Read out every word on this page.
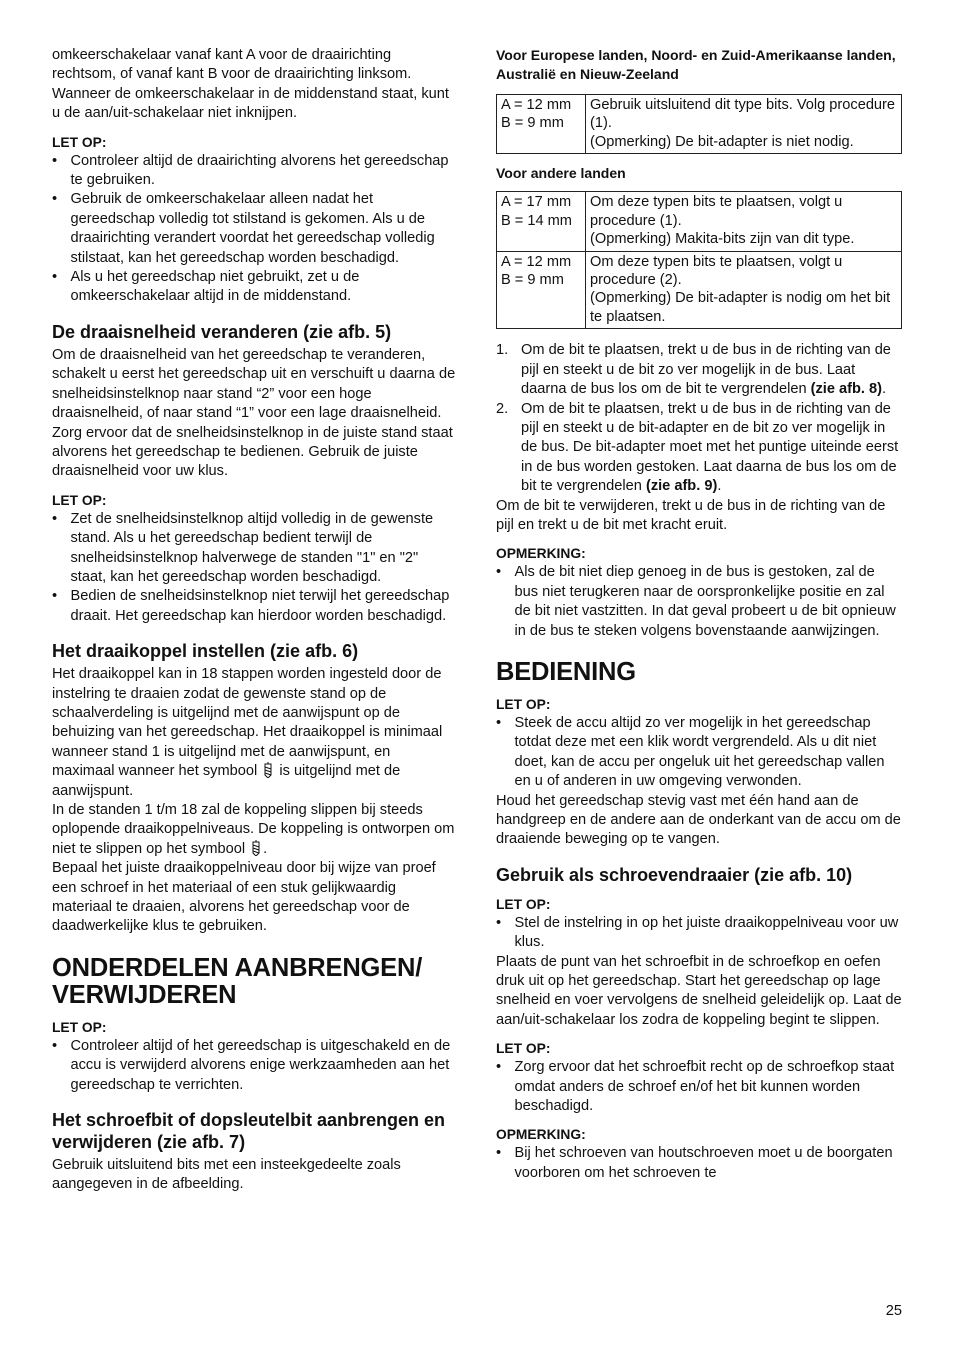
omkeerschakelaar vanaf kant A voor de draairichting rechtsom, of vanaf kant B voor de draairichting linksom. Wanneer de omkeerschakelaar in de middenstand staat, kunt u de aan/uit-schakelaar niet inknijpen.

LET OP:

• Controleer altijd de draairichting alvorens het gereedschap te gebruiken.
• Gebruik de omkeerschakelaar alleen nadat het gereedschap volledig tot stilstand is gekomen. Als u de draairichting verandert voordat het gereedschap volledig stilstaat, kan het gereedschap worden beschadigd.
• Als u het gereedschap niet gebruikt, zet u de omkeerschakelaar altijd in de middenstand.
De draaisnelheid veranderen (zie afb. 5)

Om de draaisnelheid van het gereedschap te veranderen, schakelt u eerst het gereedschap uit en verschuift u daarna de snelheidsinstelknop naar stand “2” voor een hoge draaisnelheid, of naar stand “1” voor een lage draaisnelheid. Zorg ervoor dat de snelheidsinstelknop in de juiste stand staat alvorens het gereedschap te bedienen. Gebruik de juiste draaisnelheid voor uw klus.

LET OP:

• Zet de snelheidsinstelknop altijd volledig in de gewenste stand. Als u het gereedschap bedient terwijl de snelheidsinstelknop halverwege de standen "1" en "2" staat, kan het gereedschap worden beschadigd.
• Bedien de snelheidsinstelknop niet terwijl het gereedschap draait. Het gereedschap kan hierdoor worden beschadigd.
Het draaikoppel instellen (zie afb. 6)

Het draaikoppel kan in 18 stappen worden ingesteld door de instelring te draaien zodat de gewenste stand op de schaalverdeling is uitgelijnd met de aanwijspunt op de behuizing van het gereedschap. Het draaikoppel is minimaal wanneer stand 1 is uitgelijnd met de aanwijspunt, en maximaal wanneer het symbool is uitgelijnd met de aanwijspunt.
In de standen 1 t/m 18 zal de koppeling slippen bij steeds oplopende draaikoppelniveaus. De koppeling is ontworpen om niet te slippen op het symbool .
Bepaal het juiste draaikoppelniveau door bij wijze van proef een schroef in het materiaal of een stuk gelijkwaardig materiaal te draaien, alvorens het gereedschap voor de daadwerkelijke klus te gebruiken.

ONDERDELEN AANBRENGEN/
VERWIJDEREN

LET OP:

• Controleer altijd of het gereedschap is uitgeschakeld en de accu is verwijderd alvorens enige werkzaamheden aan het gereedschap te verrichten.
Het schroefbit of dopsleutelbit aanbrengen en verwijderen (zie afb. 7)

Gebruik uitsluitend bits met een insteekgedeelte zoals aangegeven in de afbeelding.

Voor Europese landen, Noord- en Zuid-Amerikaanse landen, Australië en Nieuw-Zeeland

A = 12 mm
B = 9 mm	Gebruik uitsluitend dit type bits. Volg procedure (1).
(Opmerking) De bit-adapter is niet nodig.

Voor andere landen

A = 17 mm
B = 14 mm	Om deze typen bits te plaatsen, volgt u procedure (1).
(Opmerking) Makita-bits zijn van dit type.
A = 12 mm
B = 9 mm	Om deze typen bits te plaatsen, volgt u procedure (2).
(Opmerking) De bit-adapter is nodig om het bit te plaatsen.
1. Om de bit te plaatsen, trekt u de bus in de richting van de pijl en steekt u de bit zo ver mogelijk in de bus. Laat daarna de bus los om de bit te vergrendelen (zie afb. 8).
2. Om de bit te plaatsen, trekt u de bus in de richting van de pijl en steekt u de bit-adapter en de bit zo ver mogelijk in de bus. De bit-adapter moet met het puntige uiteinde eerst in de bus worden gestoken. Laat daarna de bus los om de bit te vergrendelen (zie afb. 9).

Om de bit te verwijderen, trekt u de bus in de richting van de pijl en trekt u de bit met kracht eruit.

OPMERKING:

• Als de bit niet diep genoeg in de bus is gestoken, zal de bus niet terugkeren naar de oorspronkelijke positie en zal de bit niet vastzitten. In dat geval probeert u de bit opnieuw in de bus te steken volgens bovenstaande aanwijzingen.
BEDIENING

LET OP:

• Steek de accu altijd zo ver mogelijk in het gereedschap totdat deze met een klik wordt vergrendeld. Als u dit niet doet, kan de accu per ongeluk uit het gereedschap vallen en u of anderen in uw omgeving verwonden.

Houd het gereedschap stevig vast met één hand aan de handgreep en de andere aan de onderkant van de accu om de draaiende beweging op te vangen.

Gebruik als schroevendraaier (zie afb. 10)

LET OP:

• Stel de instelring in op het juiste draaikoppelniveau voor uw klus.

Plaats de punt van het schroefbit in de schroefkop en oefen druk uit op het gereedschap. Start het gereedschap op lage snelheid en voer vervolgens de snelheid geleidelijk op. Laat de aan/uit-schakelaar los zodra de koppeling begint te slippen.

LET OP:

• Zorg ervoor dat het schroefbit recht op de schroefkop staat omdat anders de schroef en/of het bit kunnen worden beschadigd.

OPMERKING:

• Bij het schroeven van houtschroeven moet u de boorgaten voorboren om het schroeven te
25
